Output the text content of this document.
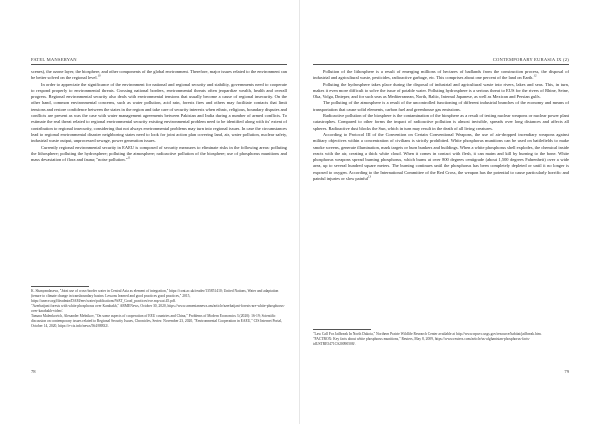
FATEL MANSERYAN

scenes), the ozone layer, the biosphere, and other components of the global environment. Therefore, major issues related to the environment can be better solved on the regional level.$^{10}$

In order to appreciate the significance of the environment for national and regional security and stability, governments need to cooperate to respond properly to environmental threats. Crossing national borders, environmental threats often jeopardize wealth, health and overall progress. Regional environmental security also deals with environmental tensions that usually become a cause of regional insecurity. On the other hand, common environmental concerns, such as water pollution, acid rain, forests fires and others may facilitate contacts that limit tensions and restore confidence between the states in the region and take care of security interests when ethnic, religious, boundary disputes and conflicts are present as was the case with water management agreements between Pakistan and India during a number of armed conflicts. To estimate the real threat related to regional environmental security existing environmental problem need to be identified along with its' extent of contribution to regional insecurity, considering that not always environmental problems may turn into regional issues. In case the circumstances lead to regional environmental disaster neighboring states need to look for joint action plan covering land, air, water pollution, nuclear safety, industrial waste output, unprocessed sewage, power generation issues.

Currently regional environmental security in EAEU is composed of security measures to eliminate risks in the following areas: polluting the lithosphere; polluting the hydrosphere; polluting the atmosphere; radioactive pollution of the biosphere; use of phosphorus munitions and mass devastation of flora and fauna; "noise pollution."$^{11}$

K. Shanyandaseva, "Joint use of cross-border water in Central Asia as element of integration," https://cont.ac.uk/reader/135851410; United Nations, Water and adaptation (tenure to climate change in transboundary basins: Lessons learned and good practices good practices," 2015, https://unece.org/fileadmin/DAM/env/water/publications/WAT_Good_practices/ece.mp.wat.45.pdf.

"Azerbaijani forests with white phosphorus over Karabakh," ARMENews, October 30, 2020, https://www.armeniannews.am/article/azerbaijani-forests-are-white-phosphorus-over-karabakh-video/.

Tamara Malenkovich, Alexander Melnikov, "On some aspects of cooperation of EEU countries and China," Problems of Modern Economics 3 (2020): 16-19; Scientific discussion on contemporary issues related to Regional Security Issues, Chronicles, Series: November 23, 2020, "Environmental Cooperation in EAEU," CIS Internet Portal, October 14, 2020, https://e-cis.info/news/564/88832/.

78
CONTEMPORARY EURASIA IX (2)

Pollution of the lithosphere is a result of emerging millions of hectares of badlands from the construction process, the disposal of industrial and agricultural waste, pesticides, radioactive garbage, etc. This comprises about one percent of the land on Earth.$^{12}$

Polluting the hydrosphere takes place during the disposal of industrial and agricultural waste into rivers, lakes and seas. This, in turn, makes it even more difficult to solve the issue of potable water. Polluting hydrosphere is a serious threat to EUS for the rivers of Rhine, Seine, Oka, Volga, Dnieper, and for such seas as Mediterranean, North, Baltic, Internal Japanese, as well as Mexican and Persian gulfs.

The polluting of the atmosphere is a result of the uncontrolled functioning of different industrial branches of the economy and means of transportation that cause solid elements, carbon fuel and greenhouse gas emissions.

Radioactive pollution of the biosphere is the contamination of the biosphere as a result of testing nuclear weapons or nuclear power plant catastrophes. Compared to other forms the impact of radioactive pollution is almost invisible, spreads over long distances and affects all spheres. Radioactive dust blocks the Sun, which in turn may result in the death of all living creatures.

According to Protocol III of the Convention on Certain Conventional Weapons, the use of air-dropped incendiary weapons against military objectives within a concentration of civilians is strictly prohibited. White phosphorus munitions can be used on battlefields to make smoke screens, generate illumination, mark targets or burn bunkers and buildings. When a white phosphorus shell explodes, the chemical inside reacts with the air, creating a thick white cloud. When it comes in contact with flesh, it can maim and kill by burning to the bone. White phosphorus weapons spread burning phosphorus, which burns at over 800 degrees centigrade (about 1,500 degrees Fahrenheit) over a wide area, up to several hundred square meters. The burning continues until the phosphorus has been completely depleted or until it no longer is exposed to oxygen. According to the International Committee of the Red Cross, the weapon has the potential to cause particularly horrific and painful injuries or slow painful$^{13}$

"Law Call For Jailbreak In North Dakota," Northern Prairie Wildlife Research Center available at http://www.npwrc.usgs.gov/resource/habitat/jailbreak.htm.

"FACTBOX: Key facts about white phosphorus munitions," Reuters, May 8, 2009, https://www.reuters.com/article/us-afghanistan-phosphorus-facts-idUSTRE5471CS20090508/.

79
